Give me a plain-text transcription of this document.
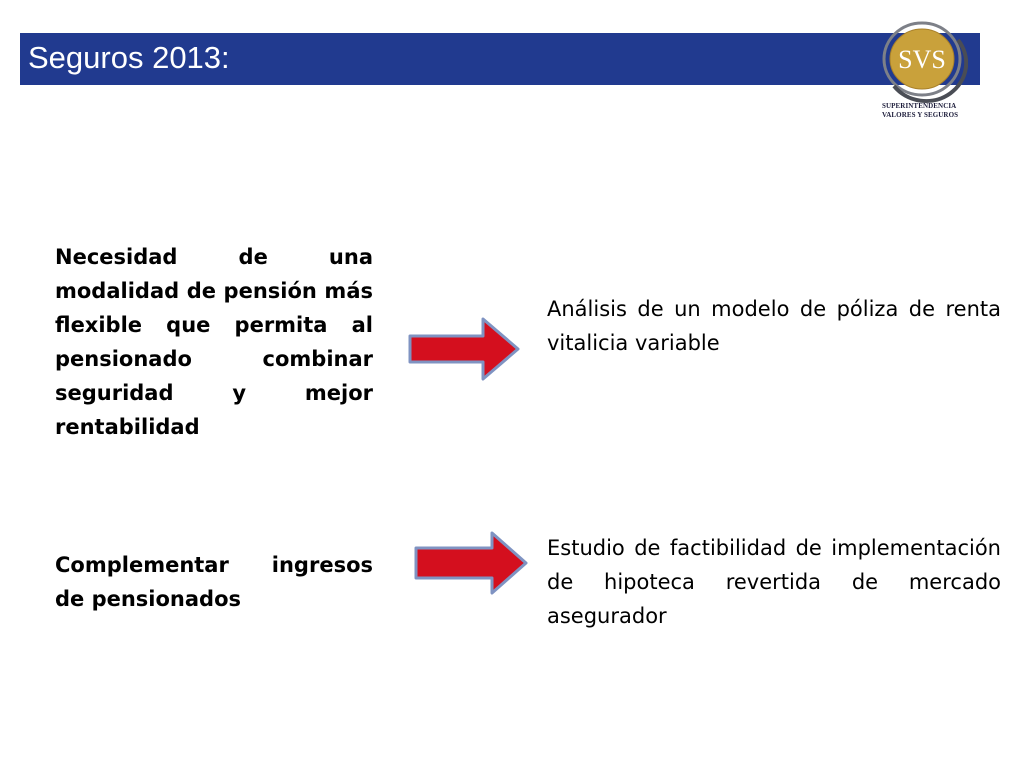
Seguros 2013:	SVS
SUPERINTENDENCIA
VALORES Y SEGUROS
Necesidad de una modalidad de pensión más flexible que permita al pensionado combinar seguridad y mejor rentabilidad
Análisis de un modelo de póliza de renta vitalicia variable
Complementar ingresos de pensionados
Estudio de factibilidad de implementación de hipoteca revertida de mercado asegurador
